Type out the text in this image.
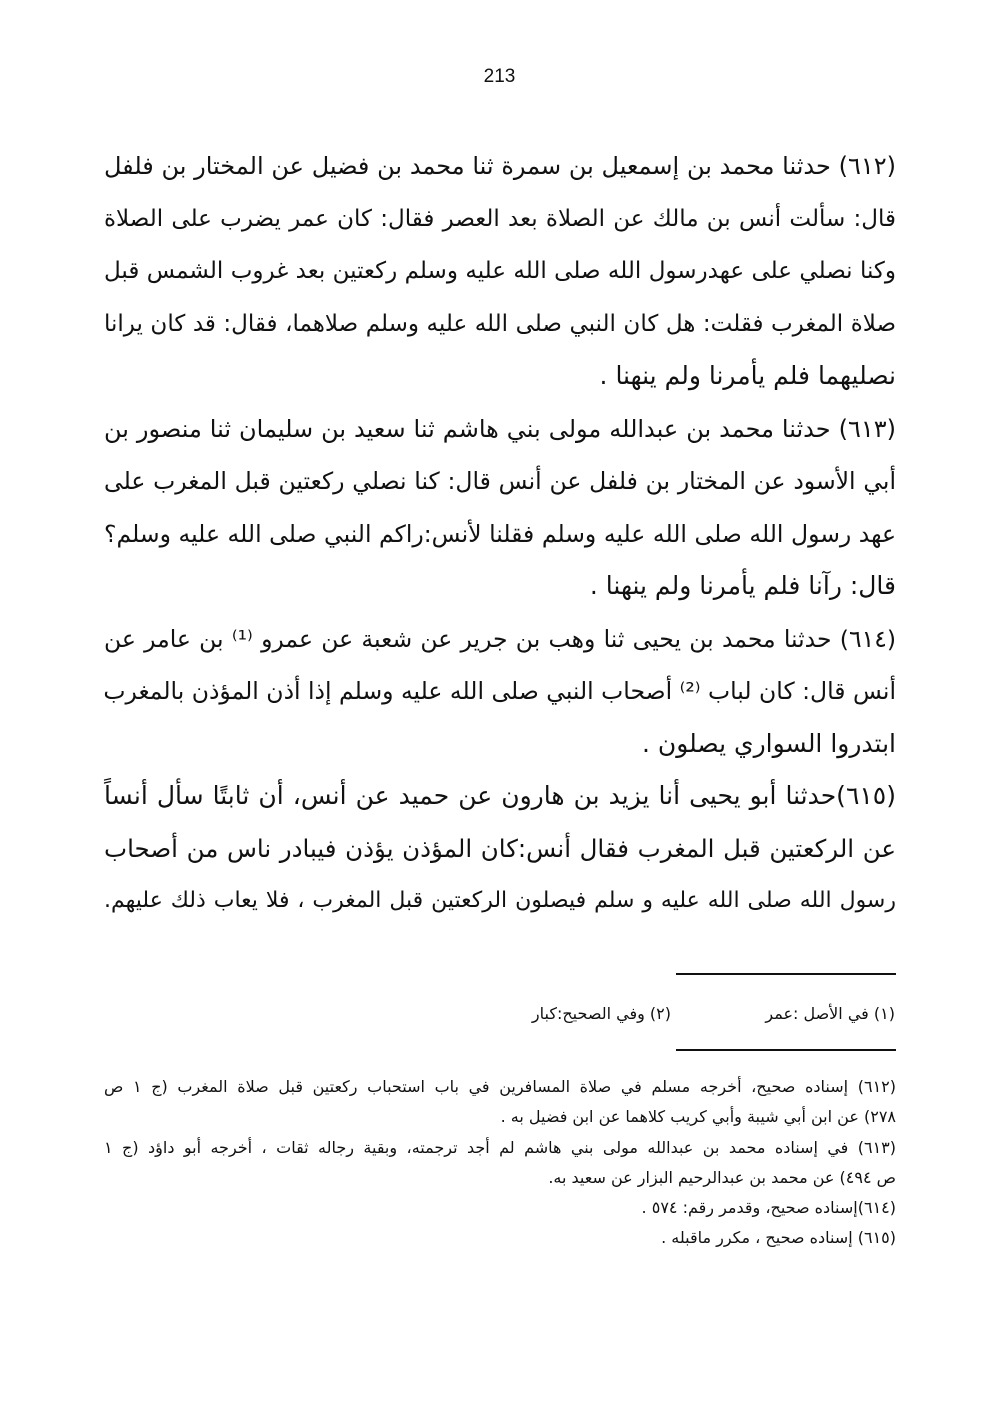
213
(٦١٢) حدثنا محمد بن إسمعيل بن سمرة ثنا محمد بن فضيل عن المختار بن فلفل
قال: سألت أنس بن مالك عن الصلاة بعد العصر فقال: كان عمر يضرب على الصلاة
وكنا نصلي على عهدرسول الله صلى الله عليه وسلم ركعتين بعد غروب الشمس قبل
صلاة المغرب فقلت: هل كان النبي صلى الله عليه وسلم صلاهما، فقال: قد كان يرانا
نصليهما فلم يأمرنا ولم ينهنا .
(٦١٣) حدثنا محمد بن عبدالله مولى بني هاشم ثنا سعيد بن سليمان ثنا منصور بن
أبي الأسود عن المختار بن فلفل عن أنس قال: كنا نصلي ركعتين قبل المغرب على
عهد رسول الله صلى الله عليه وسلم فقلنا لأنس:راكم النبي صلى الله عليه وسلم؟
قال: رآنا فلم يأمرنا ولم ينهنا .
(٦١٤) حدثنا محمد بن يحيى ثنا وهب بن جرير عن شعبة عن عمرو ⁽¹⁾ بن عامر عن
أنس قال: كان لباب ⁽²⁾ أصحاب النبي صلى الله عليه وسلم إذا أذن المؤذن بالمغرب
ابتدروا السواري يصلون .
(٦١٥)حدثنا أبو يحيى أنا يزيد بن هارون عن حميد عن أنس، أن ثابتًا سأل أنساً
عن الركعتين قبل المغرب فقال أنس:كان المؤذن يؤذن فيبادر ناس من أصحاب
رسول الله صلى الله عليه و سلم فيصلون الركعتين قبل المغرب ، فلا يعاب ذلك عليهم.
(١) في الأصل :عمر
(٢) وفي الصحيح:كبار
(٦١٢) إسناده صحيح، أخرجه مسلم في صلاة المسافرين في باب استحباب ركعتين قبل صلاة المغرب (ج ١ ص
٢٧٨) عن ابن أبي شيبة وأبي كريب كلاهما عن ابن فضيل به .
(٦١٣) في إسناده محمد بن عبدالله مولى بني هاشم لم أجد ترجمته، وبقية رجاله ثقات ، أخرجه أبو داؤد (ج ١
ص ٤٩٤) عن محمد بن عبدالرحيم البزار عن سعيد به.
(٦١٤)إسناده صحيح، وقدمر رقم: ٥٧٤ .
(٦١٥) إسناده صحيح ، مكرر ماقبله .
